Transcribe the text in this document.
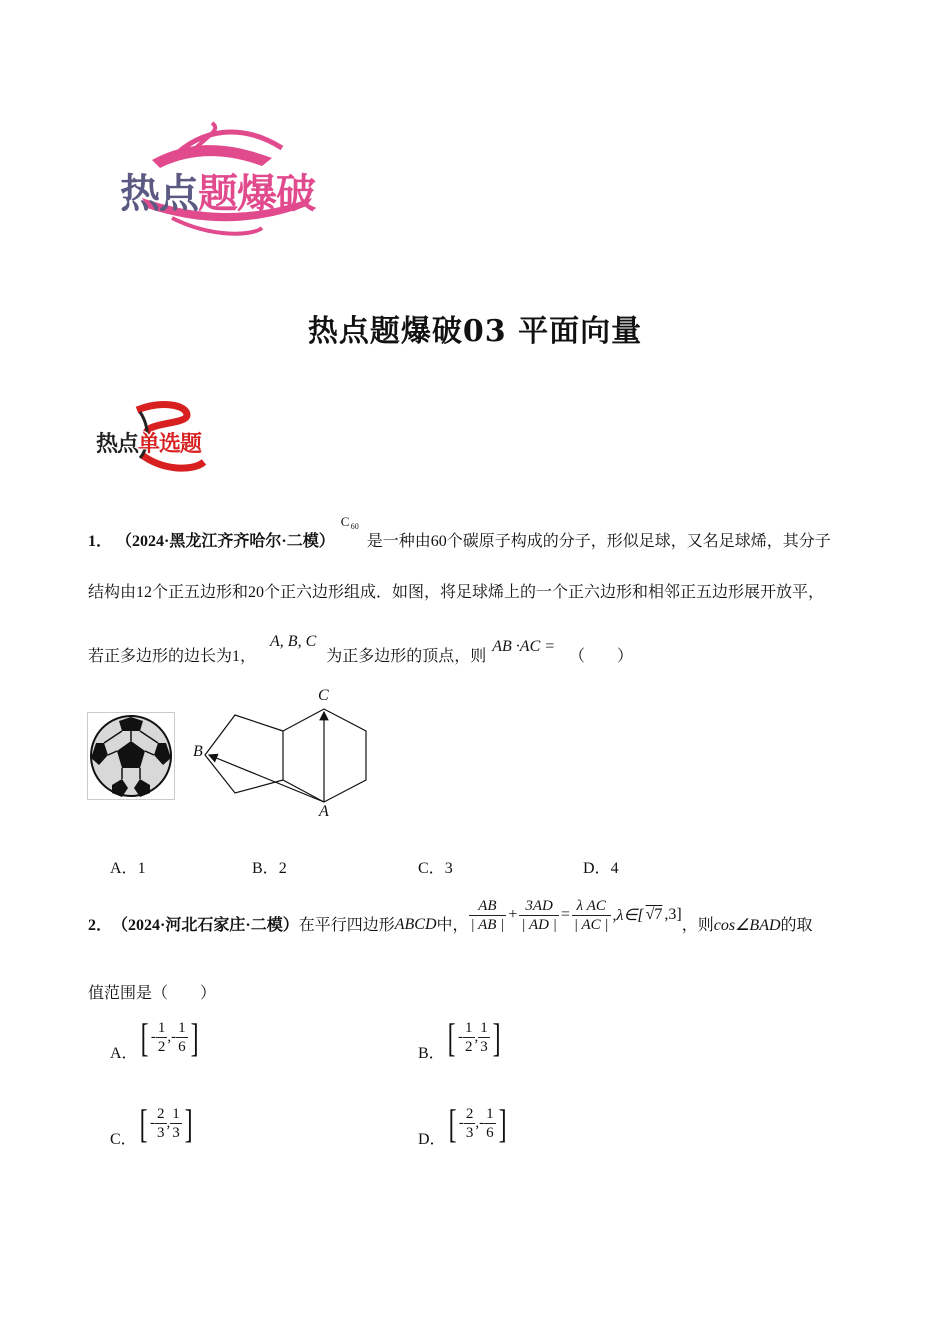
热点题爆破
热点题爆破03 平面向量
热点单选题
1． （2024·黑龙江齐齐哈尔·二模）
C 60
是一种由60个碳原子构成的分子，形似足球，又名足球烯，其分子
结构由12个正五边形和20个正六边形组成．如图，将足球烯上的一个正六边形和相邻正五边形展开放平，
若正多边形的边长为1， A, B, C 为正多边形的顶点，则 AB ·AC = （　　）
C
B
A
A．1	B．2	C．3	D．4
2． （2024·河北石家庄·二模） 在平行四边形 ABCD 中， $\frac{AB}{| AB |} + \frac{3AD}{| AD |} = \frac{\text{λ AC}}{| AC |}$ ,λ∈[ √7 ,3]
，则 cos∠BAD 的取
值范围是（　　）
A． [ - $\frac{1}{2}$ , - $\frac{1}{6}$ ]	B． [ - $\frac{1}{2}$ , $\frac{1}{3}$ ]
C． [ - $\frac{2}{3}$ , $\frac{1}{3}$ ]	D． [ - $\frac{2}{3}$ , - $\frac{1}{6}$ ]
